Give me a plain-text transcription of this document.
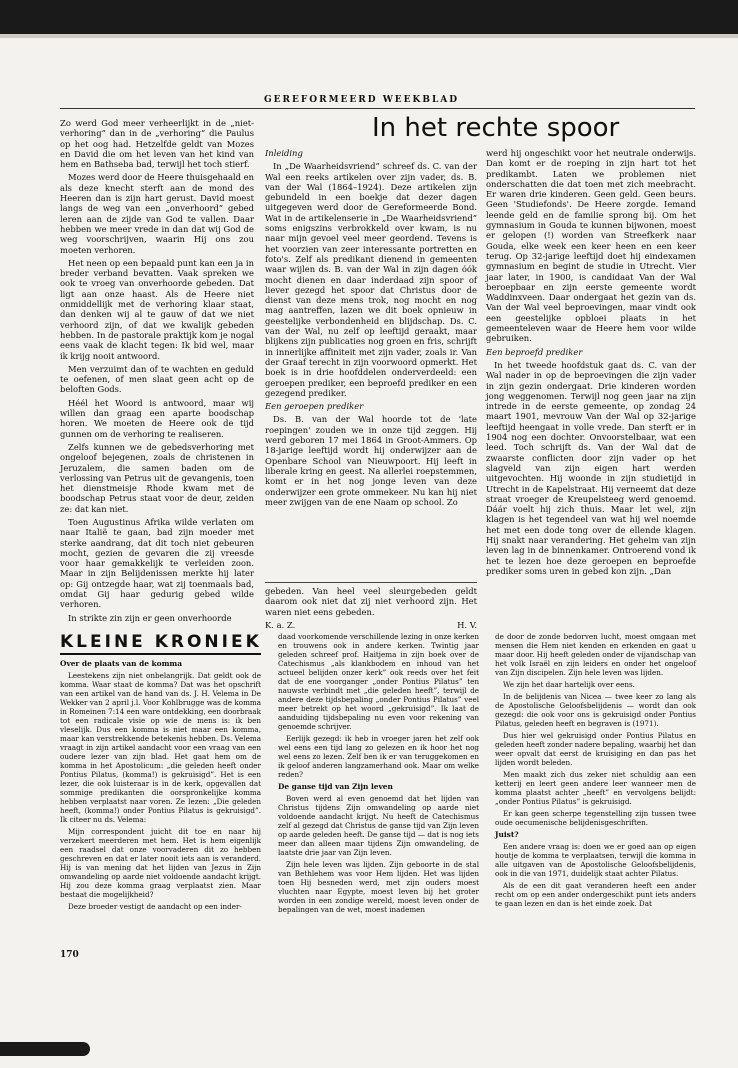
GEREFORMEERD WEEKBLAD

Zo werd God meer verheerlijkt in de „niet-verhoring” dan in de „verhoring” die Paulus op het oog had. Hetzelfde geldt van Mozes en David die om het leven van het kind van hem en Bathseba bad, terwijl het toch stierf.

Mozes werd door de Heere thuisgehaald en als deze knecht sterft aan de mond des Heeren dan is zijn hart gerust. David moest langs de weg van een „onverhoord” gebed leren aan de zijde van God te vallen. Daar hebben we meer vrede in dan dat wij God de weg voorschrijven, waarin Hij ons zou moeten verhoren.

Het neen op een bepaald punt kan een ja in breder verband bevatten. Vaak spreken we ook te vroeg van onverhoorde gebeden. Dat ligt aan onze haast. Als de Heere niet onmiddellijk met de verhoring klaar staat, dan denken wij al te gauw of dat we niet verhoord zijn, of dat we kwalijk gebeden hebben. In de pastorale praktijk kom je nogal eens vaak de klacht tegen: Ik bid wel, maar ik krijg nooit antwoord.

Men verzuimt dan of te wachten en geduld te oefenen, of men slaat geen acht op de beloften Gods.

Héél het Woord is antwoord, maar wij willen dan graag een aparte boodschap horen. We moeten de Heere ook de tijd gunnen om de verhoring te realiseren.

Zelfs kunnen we de gebedsverhoring met ongeloof bejegenen, zoals de christenen in Jeruzalem, die samen baden om de verlossing van Petrus uit de gevangenis, toen het dienstmeisje Rhode kwam met de boodschap Petrus staat voor de deur, zeiden ze: dat kan niet.

Toen Augustinus Afrika wilde verlaten om naar Italië te gaan, bad zijn moeder met sterke aandrang, dat dit toch niet gebeuren mocht, gezien de gevaren die zij vreesde voor haar gemakkelijk te verleiden zoon. Maar in zijn Belijdenissen merkte hij later op: Gij ontzegde haar, wat zij toenmaals bad, omdat Gij haar gedurig gebed wilde verhoren.

In strikte zin zijn er geen onverhoorde

In het rechte spoor

Inleiding

In „De Waarheidsvriend” schreef ds. C. van der Wal een reeks artikelen over zijn vader, ds. B. van der Wal (1864–1924). Deze artikelen zijn gebundeld in een boekje dat dezer dagen uitgegeven werd door de Gereformeerde Bond. Wat in de artikelenserie in „De Waarheidsvriend” soms enigszins verbrokkeld over kwam, is nu naar mijn gevoel veel meer geordend. Tevens is het voorzien van zeer interessante portretten en foto's. Zelf als predikant dienend in gemeenten waar wijlen ds. B. van der Wal in zijn dagen óók mocht dienen en daar inderdaad zijn spoor of liever gezegd het spoor dat Christus door de dienst van deze mens trok, nog mocht en nog mag aantreffen, lazen we dit boek opnieuw in geestelijke verbondenheid en blijdschap. Ds. C. van der Wal, nu zelf op leeftijd geraakt, maar blijkens zijn publicaties nog groen en fris, schrijft in innerlijke affiniteit met zijn vader, zoals ir. Van der Graaf terecht in zijn voorwoord opmerkt. Het boek is in drie hoofddelen onderverdeeld: een geroepen prediker, een beproefd prediker en een gezegend prediker.

Een geroepen prediker

Ds. B. van der Wal hoorde tot de 'late roepingen' zouden we in onze tijd zeggen. Hij werd geboren 17 mei 1864 in Groot-Ammers. Op 18-jarige leeftijd wordt hij onderwijzer aan de Openbare School van Nieuwpoort. Hij leeft in liberale kring en geest. Na allerlei roepstemmen, komt er in het nog jonge leven van deze onderwijzer een grote ommekeer. Nu kan hij niet meer zwijgen van de ene Naam op school. Zo

gebeden. Van heel veel sleurgebeden geldt daarom ook niet dat zij niet verhoord zijn. Het waren niet eens gebeden.

K. a. Z.	H. V.

werd hij ongeschikt voor het neutrale onderwijs. Dan komt er de roeping in zijn hart tot het predikambt. Laten we problemen niet onderschatten die dat toen met zich meebracht. Er waren drie kinderen. Geen geld. Geen beurs. Geen 'Studiefonds'. De Heere zorgde. Iemand leende geld en de familie sprong bij. Om het gymnasium in Gouda te kunnen bijwonen, moest er gelopen (!) worden van Streefkerk naar Gouda, elke week een keer heen en een keer terug. Op 32-jarige leeftijd doet hij eindexamen gymnasium en begint de studie in Utrecht. Vier jaar later, in 1900, is candidaat Van der Wal beroepbaar en zijn eerste gemeente wordt Waddinxveen. Daar ondergaat het gezin van ds. Van der Wal veel beproevingen, maar vindt ook een geestelijke opbloei plaats in het gemeenteleven waar de Heere hem voor wilde gebruiken.

Een beproefd prediker

In het tweede hoofdstuk gaat ds. C. van der Wal nader in op de beproevingen die zijn vader in zijn gezin ondergaat. Drie kinderen worden jong weggenomen. Terwijl nog geen jaar na zijn intrede in de eerste gemeente, op zondag 24 maart 1901, mevrouw Van der Wal op 32-jarige leeftijd heengaat in volle vrede. Dan sterft er in 1904 nog een dochter. Onvoorstelbaar, wat een leed. Toch schrijft ds. Van der Wal dat de zwaarste conflicten door zijn vader op het slagveld van zijn eigen hart werden uitgevochten. Hij woonde in zijn studietijd in Utrecht in de Kapelstraat. Hij verneemt dat deze straat vroeger de Kreupelsteeg werd genoemd. Dáár voelt hij zich thuis. Maar let wel, zijn klagen is het tegendeel van wat hij wel noemde het met een dode tong over de ellende klagen. Hij snakt naar verandering. Het geheim van zijn leven lag in de binnenkamer. Ontroerend vond ik het te lezen hoe deze geroepen en beproefde prediker soms uren in gebed kon zijn. „Dan

KLEINE KRONIEK
Over de plaats van de komma

Leestekens zijn niet onbelangrijk. Dat geldt ook de komma. Waar staat de komma? Dat was het opschrift van een artikel van de hand van ds. J. H. Velema in De Wekker van 2 april j.l. Voor Kohlbrugge was de komma in Romeinen 7:14 een ware ontdekking, een doorbraak tot een radicale visie op wie de mens is: ik ben vleselijk. Dus een komma is niet maar een komma, maar kan verstrekkende betekenis hebben. Ds. Velema vraagt in zijn artikel aandacht voor een vraag van een oudere lezer van zijn blad. Het gaat hem om de komma in het Apostolicum: „die geleden heeft onder Pontius Pilatus, (komma!) is gekruisigd”. Het is een lezer, die ook luisteraar is in de kerk, opgevallen dat sommige predikanten die oorspronkelijke komma hebben verplaatst naar voren. Ze lezen: „Die geleden heeft, (komma!) onder Pontius Pilatus is gekruisigd”. Ik citeer nu ds. Velema:

Mijn correspondent juicht dit toe en naar hij verzekert meerderen met hem. Het is hem eigenlijk een raadsel dat onze voorvaderen dit zo hebben geschreven en dat er later nooit iets aan is veranderd. Hij is van mening dat het lijden van Jezus in Zijn omwandeling op aarde niet voldoende aandacht krijgt. Hij zou deze komma graag verplaatst zien. Maar bestaat die mogelijkheid?

Deze broeder vestigt de aandacht op een inder-

daad voorkomende verschillende lezing in onze kerken en trouwens ook in andere kerken. Twintig jaar geleden schreef prof. Haitjema in zijn boek over de Catechismus „als klankbodem en inhoud van het actueel belijden onzer kerk” ook reeds over het feit dat de ene voorganger „onder Pontius Pilatus” ten nauwste verbindt met „die geleden heeft”, terwijl de andere deze tijdsbepaling „onder Pontius Pilatus” veel meer betrekt op het woord „gekruisigd”. Ik laat de aanduiding tijdsbepaling nu even voor rekening van genoemde schrijver.

Eerlijk gezegd: ik heb in vroeger jaren het zelf ook wel eens een tijd lang zo gelezen en ik hoor het nog wel eens zo lezen. Zelf ben ik er van teruggekomen en ik geloof anderen langzamerhand ook. Maar om welke reden?

De ganse tijd van Zijn leven

Boven werd al even genoemd dat het lijden van Christus tijdens Zijn omwandeling op aarde niet voldoende aandacht krijgt. Nu heeft de Catechismus zelf al gezegd dat Christus de ganse tijd van Zijn leven op aarde geleden heeft. De ganse tijd — dat is nog iets meer dan alleen maar tijdens Zijn omwandeling, de laatste drie jaar van Zijn leven.

Zijn hele leven was lijden. Zijn geboorte in de stal van Bethlehem was voor Hem lijden. Het was lijden toen Hij besneden werd, met zijn ouders moest vluchten naar Egypte, moest leven bij het groter worden in een zondige wereld, moest leven onder de bepalingen van de wet, moest inademen

de door de zonde bedorven lucht, moest omgaan met mensen die Hem niet kenden en erkenden en gaat u maar door. Hij heeft geleden onder de vijandschap van het volk Israël en zijn leiders en onder het ongeloof van Zijn discipelen. Zijn hele leven was lijden.

We zijn het daar hartelijk over eens.

In de belijdenis van Nicea — twee keer zo lang als de Apostolische Geloofsbelijdenis — wordt dan ook gezegd: die ook voor ons is gekruisigd onder Pontius Pilatus, geleden heeft en begraven is (1971).

Dus hier wel gekruisigd onder Pontius Pilatus en geleden heeft zonder nadere bepaling, waarbij het dan weer opvalt dat eerst de kruisiging en dan pas het lijden wordt beleden.

Men maakt zich dus zeker niet schuldig aan een ketterij en leert geen andere leer wanneer men de komma plaatst achter „heeft” en vervolgens belijdt: „onder Pontius Pilatus” is gekruisigd.

Er kan geen scherpe tegenstelling zijn tussen twee oude oecumenische belijdenisgeschriften.

Juist?

Een andere vraag is: doen we er goed aan op eigen houtje de komma te verplaatsen, terwijl die komma in alle uitgaven van de Apostolische Geloofsbelijdenis, ook in die van 1971, duidelijk staat achter Pilatus.

Als de een dit gaat veranderen heeft een ander recht om op een ander ondergeschikt punt iets anders te gaan lezen en dan is het einde zoek. Dat

170
